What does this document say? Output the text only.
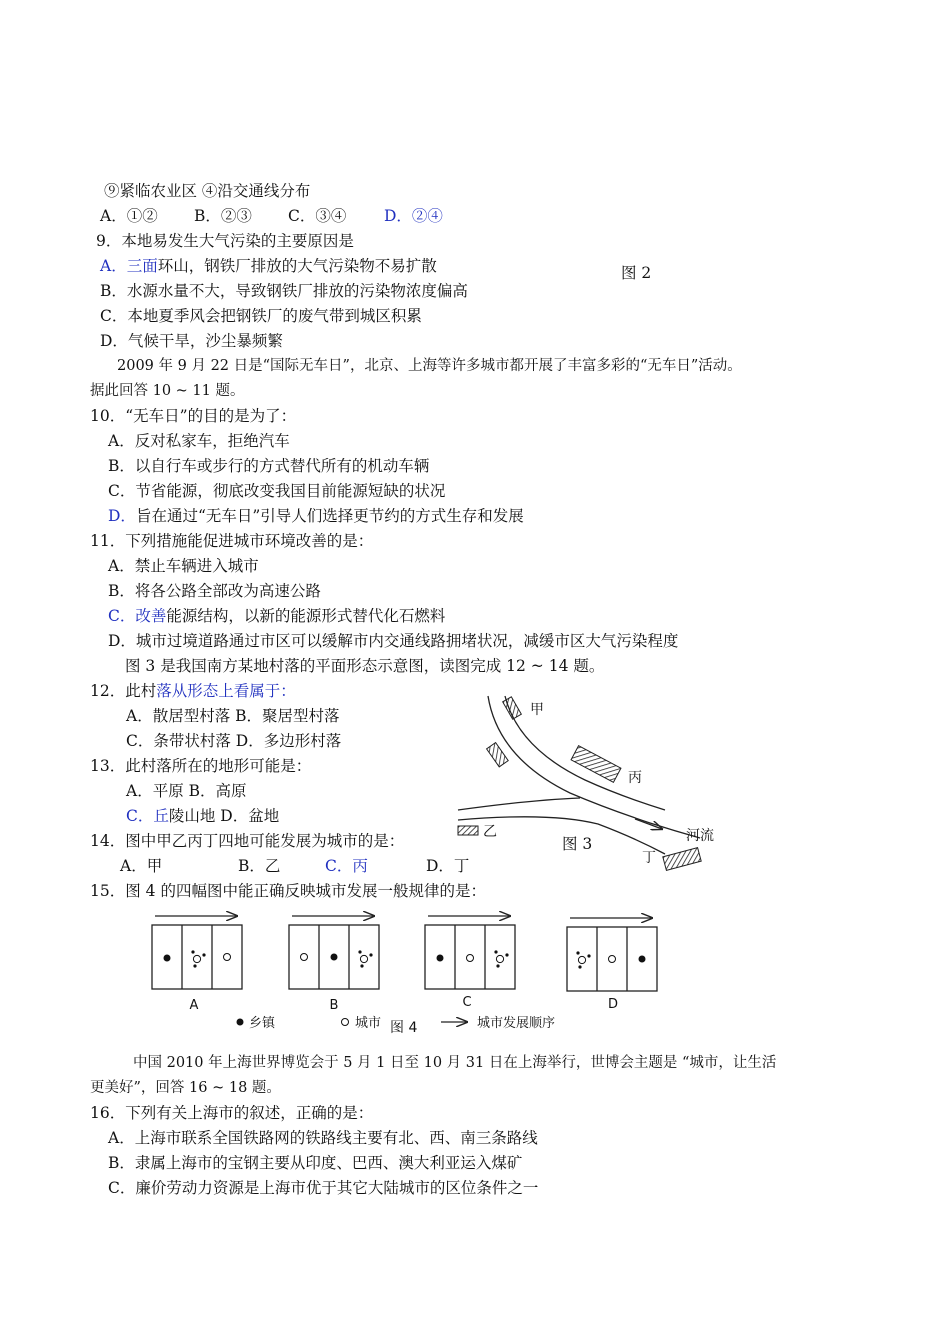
⑨紧临农业区 ④沿交通线分布
A．①② B．②③ C．③④ D．②④
9．本地易发生大气污染的主要原因是
A．三面环山，钢铁厂排放的大气污染物不易扩散	图 2
B．水源水量不大，导致钢铁厂排放的污染物浓度偏高
C．本地夏季风会把钢铁厂的废气带到城区积累
D．气候干旱，沙尘暴频繁
2009 年 9 月 22 日是“国际无车日”，北京、上海等许多城市都开展了丰富多彩的“无车日”活动。
据此回答 10 ~ 11 题。
10．“无车日”的目的是为了：
A．反对私家车，拒绝汽车
B．以自行车或步行的方式替代所有的机动车辆
C．节省能源，彻底改变我国目前能源短缺的状况
D．旨在通过“无车日”引导人们选择更节约的方式生存和发展
11．下列措施能促进城市环境改善的是：
A．禁止车辆进入城市
B．将各公路全部改为高速公路
C．改善能源结构，以新的能源形式替代化石燃料
D．城市过境道路通过市区可以缓解市内交通线路拥堵状况，减缓市区大气污染程度
图 3 是我国南方某地村落的平面形态示意图，读图完成 12 ~ 14 题。
12．此村落从形态上看属于：
A．散居型村落 B．聚居型村落
C．条带状村落 D．多边形村落
13．此村落所在的地形可能是：
A．平原 B．高原
C．丘陵山地 D．盆地
14．图中甲乙丙丁四地可能发展为城市的是：
A．甲	B．乙	C．丙	D．丁
15．图 4 的四幅图中能正确反映城市发展一般规律的是：
中国 2010 年上海世界博览会于 5 月 1 日至 10 月 31 日在上海举行，世博会主题是 “城市，让生活
更美好”，回答 16 ~ 18 题。
16．下列有关上海市的叙述，正确的是：
A．上海市联系全国铁路网的铁路线主要有北、西、南三条路线
B．隶属上海市的宝钢主要从印度、巴西、澳大利亚运入煤矿
C．廉价劳动力资源是上海市优于其它大陆城市的区位条件之一
甲
丙
乙	河流
丁
图 3
A	B	C	D
乡镇	城市 图 4	城市发展顺序
